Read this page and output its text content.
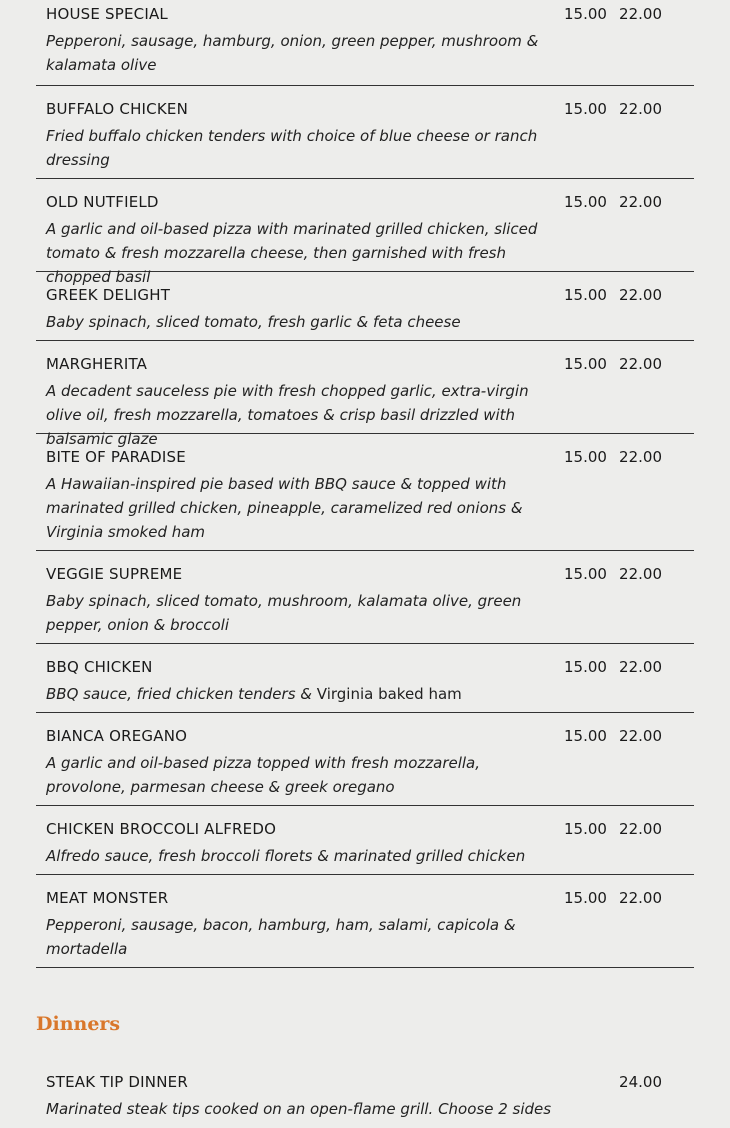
HOUSE SPECIAL

Pepperoni, sausage, hamburg, onion, green pepper, mushroom & kalamata olive

15.00 22.00
BUFFALO CHICKEN

Fried buffalo chicken tenders with choice of blue cheese or ranch dressing

15.00 22.00
OLD NUTFIELD

A garlic and oil-based pizza with marinated grilled chicken, sliced tomato & fresh mozzarella cheese, then garnished with fresh chopped basil

15.00 22.00
GREEK DELIGHT

Baby spinach, sliced tomato, fresh garlic & feta cheese

15.00 22.00
MARGHERITA

A decadent sauceless pie with fresh chopped garlic, extra-virgin olive oil, fresh mozzarella, tomatoes & crisp basil drizzled with balsamic glaze

15.00 22.00
BITE OF PARADISE

A Hawaiian-inspired pie based with BBQ sauce & topped with marinated grilled chicken, pineapple, caramelized red onions & Virginia smoked ham

15.00 22.00
VEGGIE SUPREME

Baby spinach, sliced tomato, mushroom, kalamata olive, green pepper, onion & broccoli

15.00 22.00
BBQ CHICKEN

BBQ sauce, fried chicken tenders & Virginia baked ham

15.00 22.00
BIANCA OREGANO

A garlic and oil-based pizza topped with fresh mozzarella, provolone, parmesan cheese & greek oregano

15.00 22.00
CHICKEN BROCCOLI ALFREDO

Alfredo sauce, fresh broccoli florets & marinated grilled chicken

15.00 22.00
MEAT MONSTER

Pepperoni, sausage, bacon, hamburg, ham, salami, capicola & mortadella

15.00 22.00
Dinners
STEAK TIP DINNER

Marinated steak tips cooked on an open-flame grill. Choose 2 sides

24.00
